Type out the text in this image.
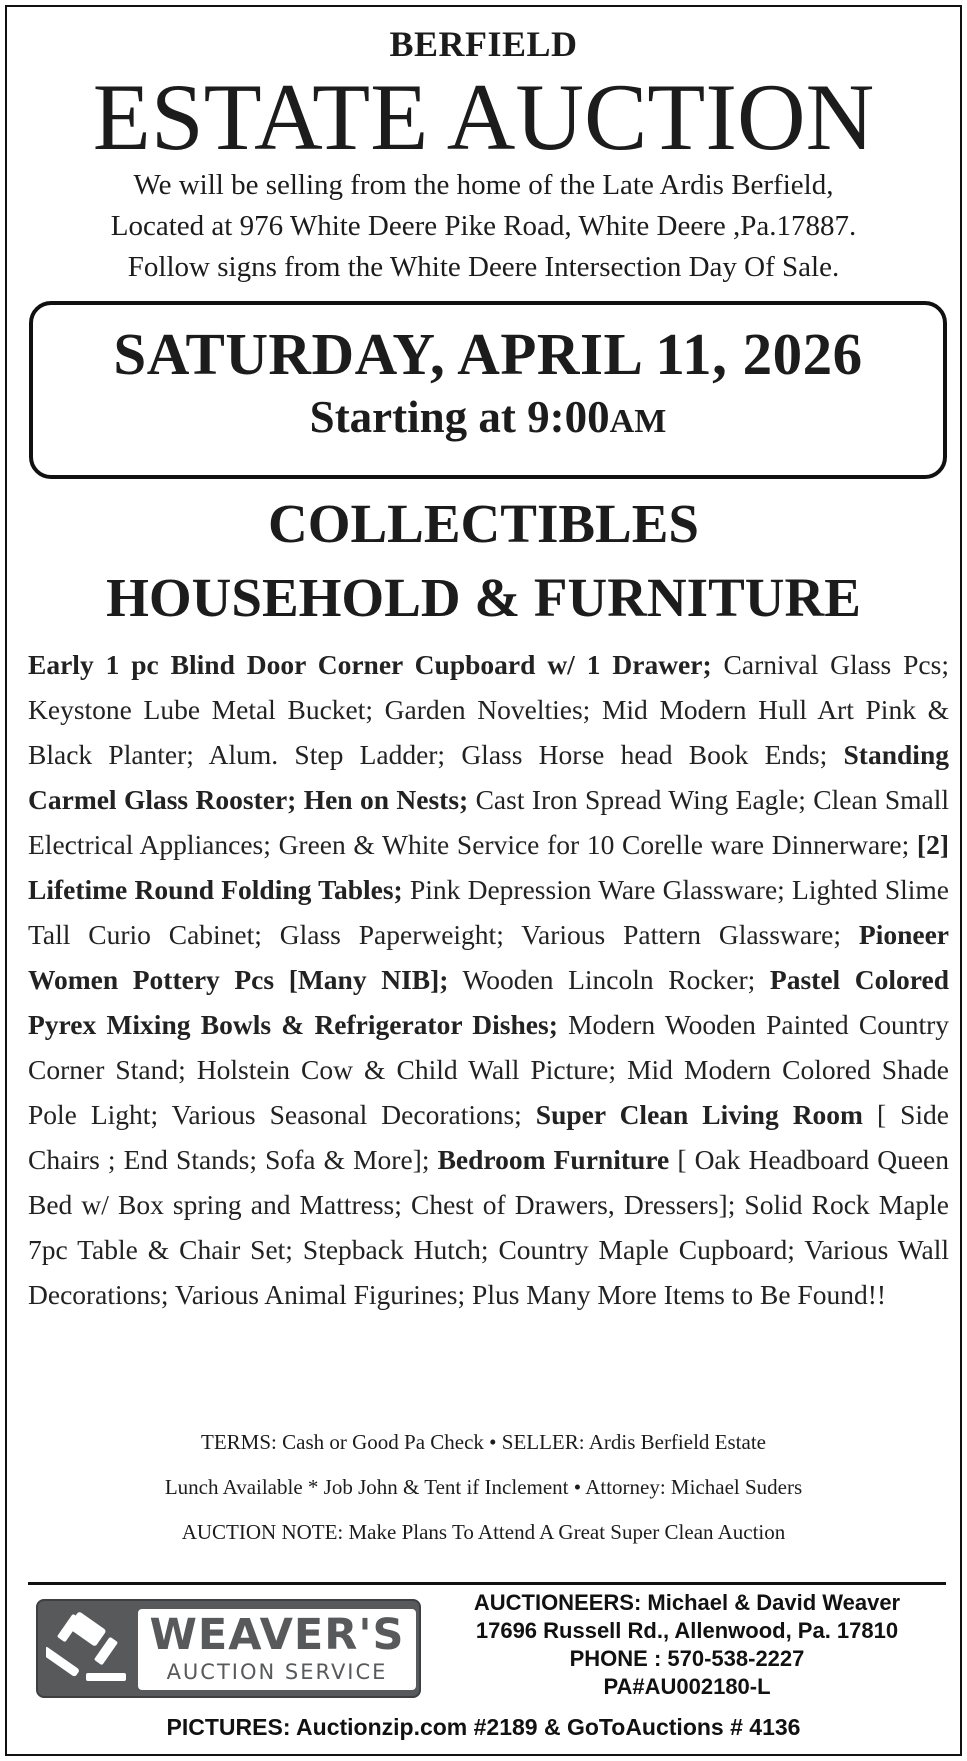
BERFIELD
ESTATE AUCTION
We will be selling from the home of the Late Ardis Berfield,
Located at 976 White Deere Pike Road, White Deere ,Pa.17887.
Follow signs from the White Deere Intersection Day Of Sale.
SATURDAY, APRIL 11, 2026
Starting at 9:00AM
COLLECTIBLES
HOUSEHOLD & FURNITURE
Early 1 pc Blind Door Corner Cupboard w/ 1 Drawer; Carnival Glass Pcs; Keystone Lube Metal Bucket; Garden Novelties; Mid Modern Hull Art Pink & Black Planter; Alum. Step Ladder; Glass Horse head Book Ends; Standing Carmel Glass Rooster; Hen on Nests; Cast Iron Spread Wing Eagle; Clean Small Electrical Appliances; Green & White Service for 10 Corelle ware Dinnerware; [2] Lifetime Round Folding Tables; Pink Depression Ware Glassware; Lighted Slime Tall Curio Cabinet; Glass Paperweight; Various Pattern Glassware; Pioneer Women Pottery Pcs [Many NIB]; Wooden Lincoln Rocker; Pastel Colored Pyrex Mixing Bowls & Refrigerator Dishes; Modern Wooden Painted Country Corner Stand; Holstein Cow & Child Wall Picture; Mid Modern Colored Shade Pole Light; Various Seasonal Decorations; Super Clean Living Room [ Side Chairs ; End Stands; Sofa & More]; Bedroom Furniture [ Oak Headboard Queen Bed w/ Box spring and Mattress; Chest of Drawers, Dressers]; Solid Rock Maple 7pc Table & Chair Set; Stepback Hutch; Country Maple Cupboard; Various Wall Decorations; Various Animal Figurines; Plus Many More Items to Be Found!!
TERMS: Cash or Good Pa Check • SELLER: Ardis Berfield Estate
Lunch Available * Job John & Tent if Inclement • Attorney: Michael Suders
AUCTION NOTE: Make Plans To Attend A Great Super Clean Auction
WEAVER'S
AUCTION SERVICE
AUCTIONEERS: Michael & David Weaver
17696 Russell Rd., Allenwood, Pa. 17810
PHONE : 570-538-2227
PA#AU002180-L
PICTURES: Auctionzip.com #2189 & GoToAuctions # 4136
